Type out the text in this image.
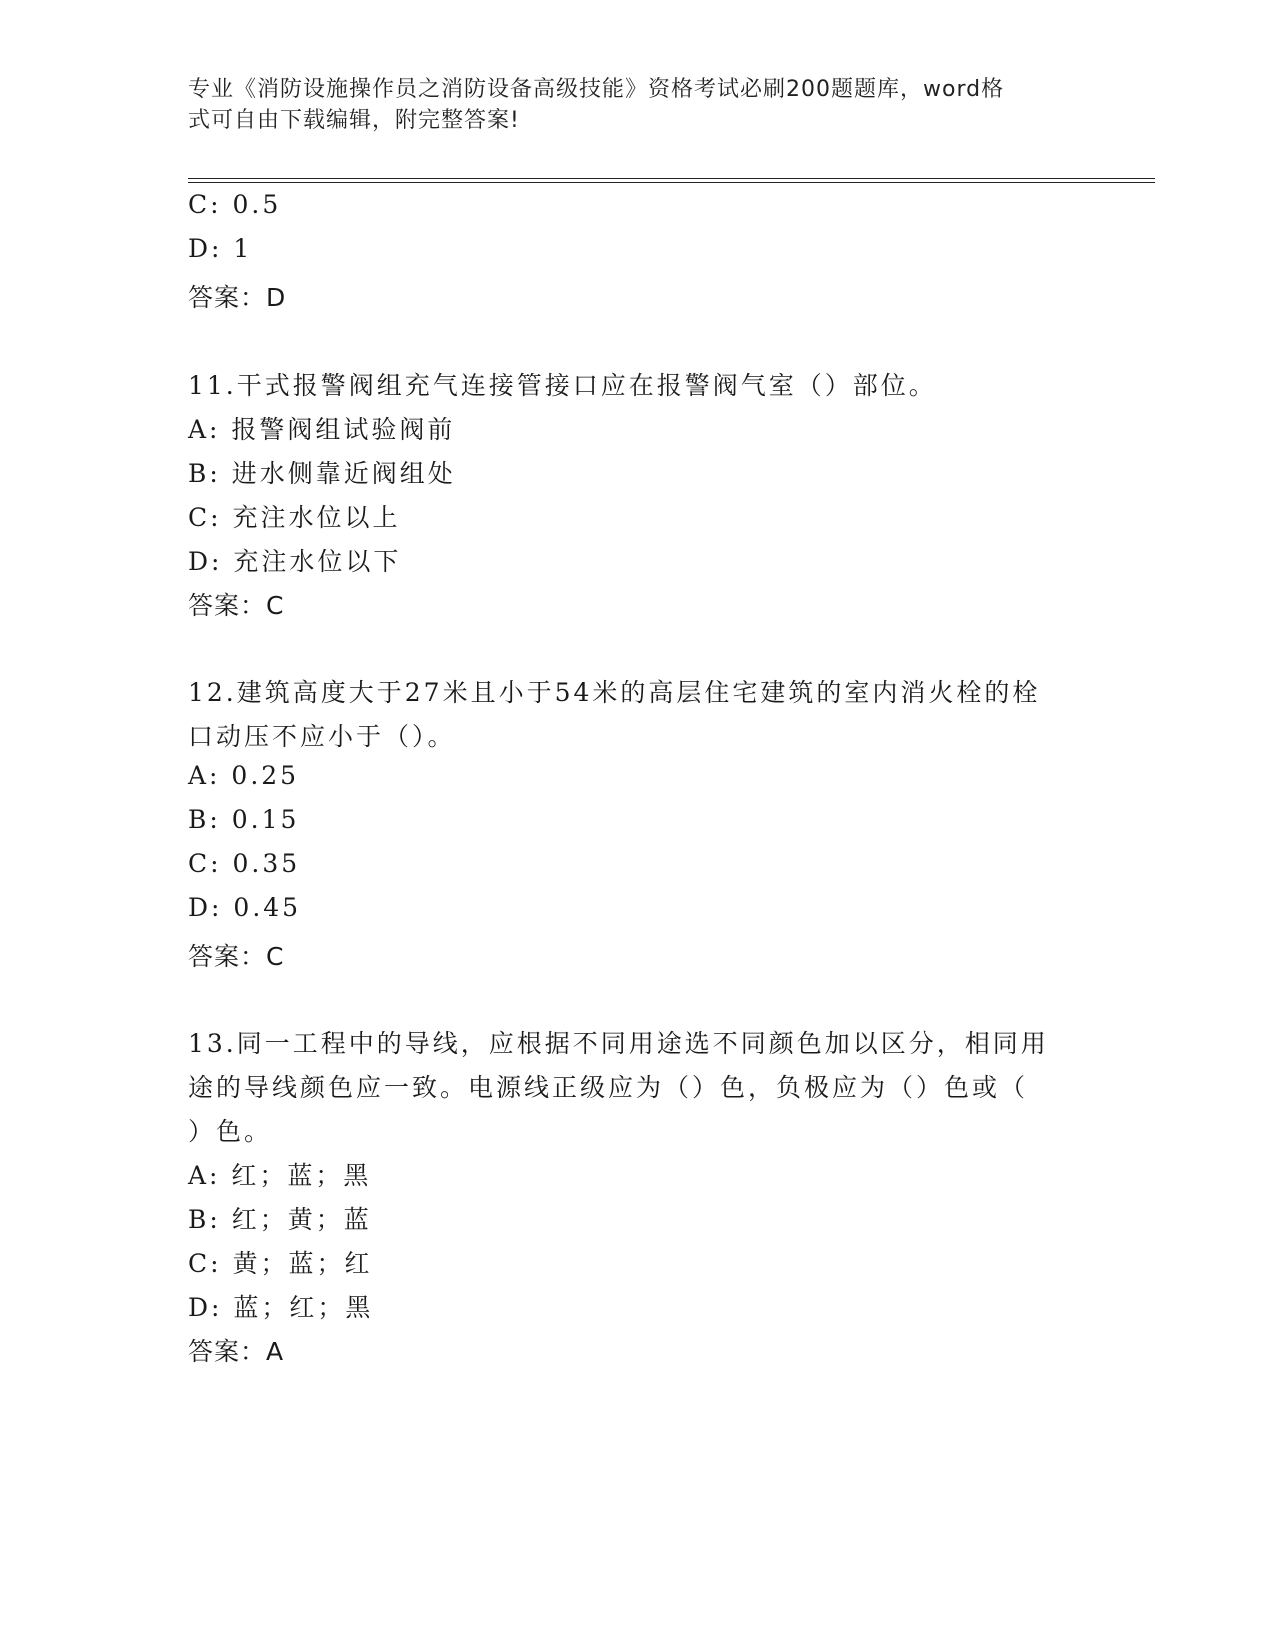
专业《消防设施操作员之消防设备高级技能》资格考试必刷200题题库，word格
式可自由下载编辑，附完整答案!
C: 0.5
D: 1
答案：D
11.干式报警阀组充气连接管接口应在报警阀气室（）部位。
A: 报警阀组试验阀前
B: 进水侧靠近阀组处
C: 充注水位以上
D: 充注水位以下
答案：C
12.建筑高度大于27米且小于54米的高层住宅建筑的室内消火栓的栓
口动压不应小于（）。
A: 0.25
B: 0.15
C: 0.35
D: 0.45
答案：C
13.同一工程中的导线，应根据不同用途选不同颜色加以区分，相同用
途的导线颜色应一致。电源线正级应为（）色，负极应为（）色或（
）色。
A: 红；蓝；黑
B: 红；黄；蓝
C: 黄；蓝；红
D: 蓝；红；黑
答案：A
